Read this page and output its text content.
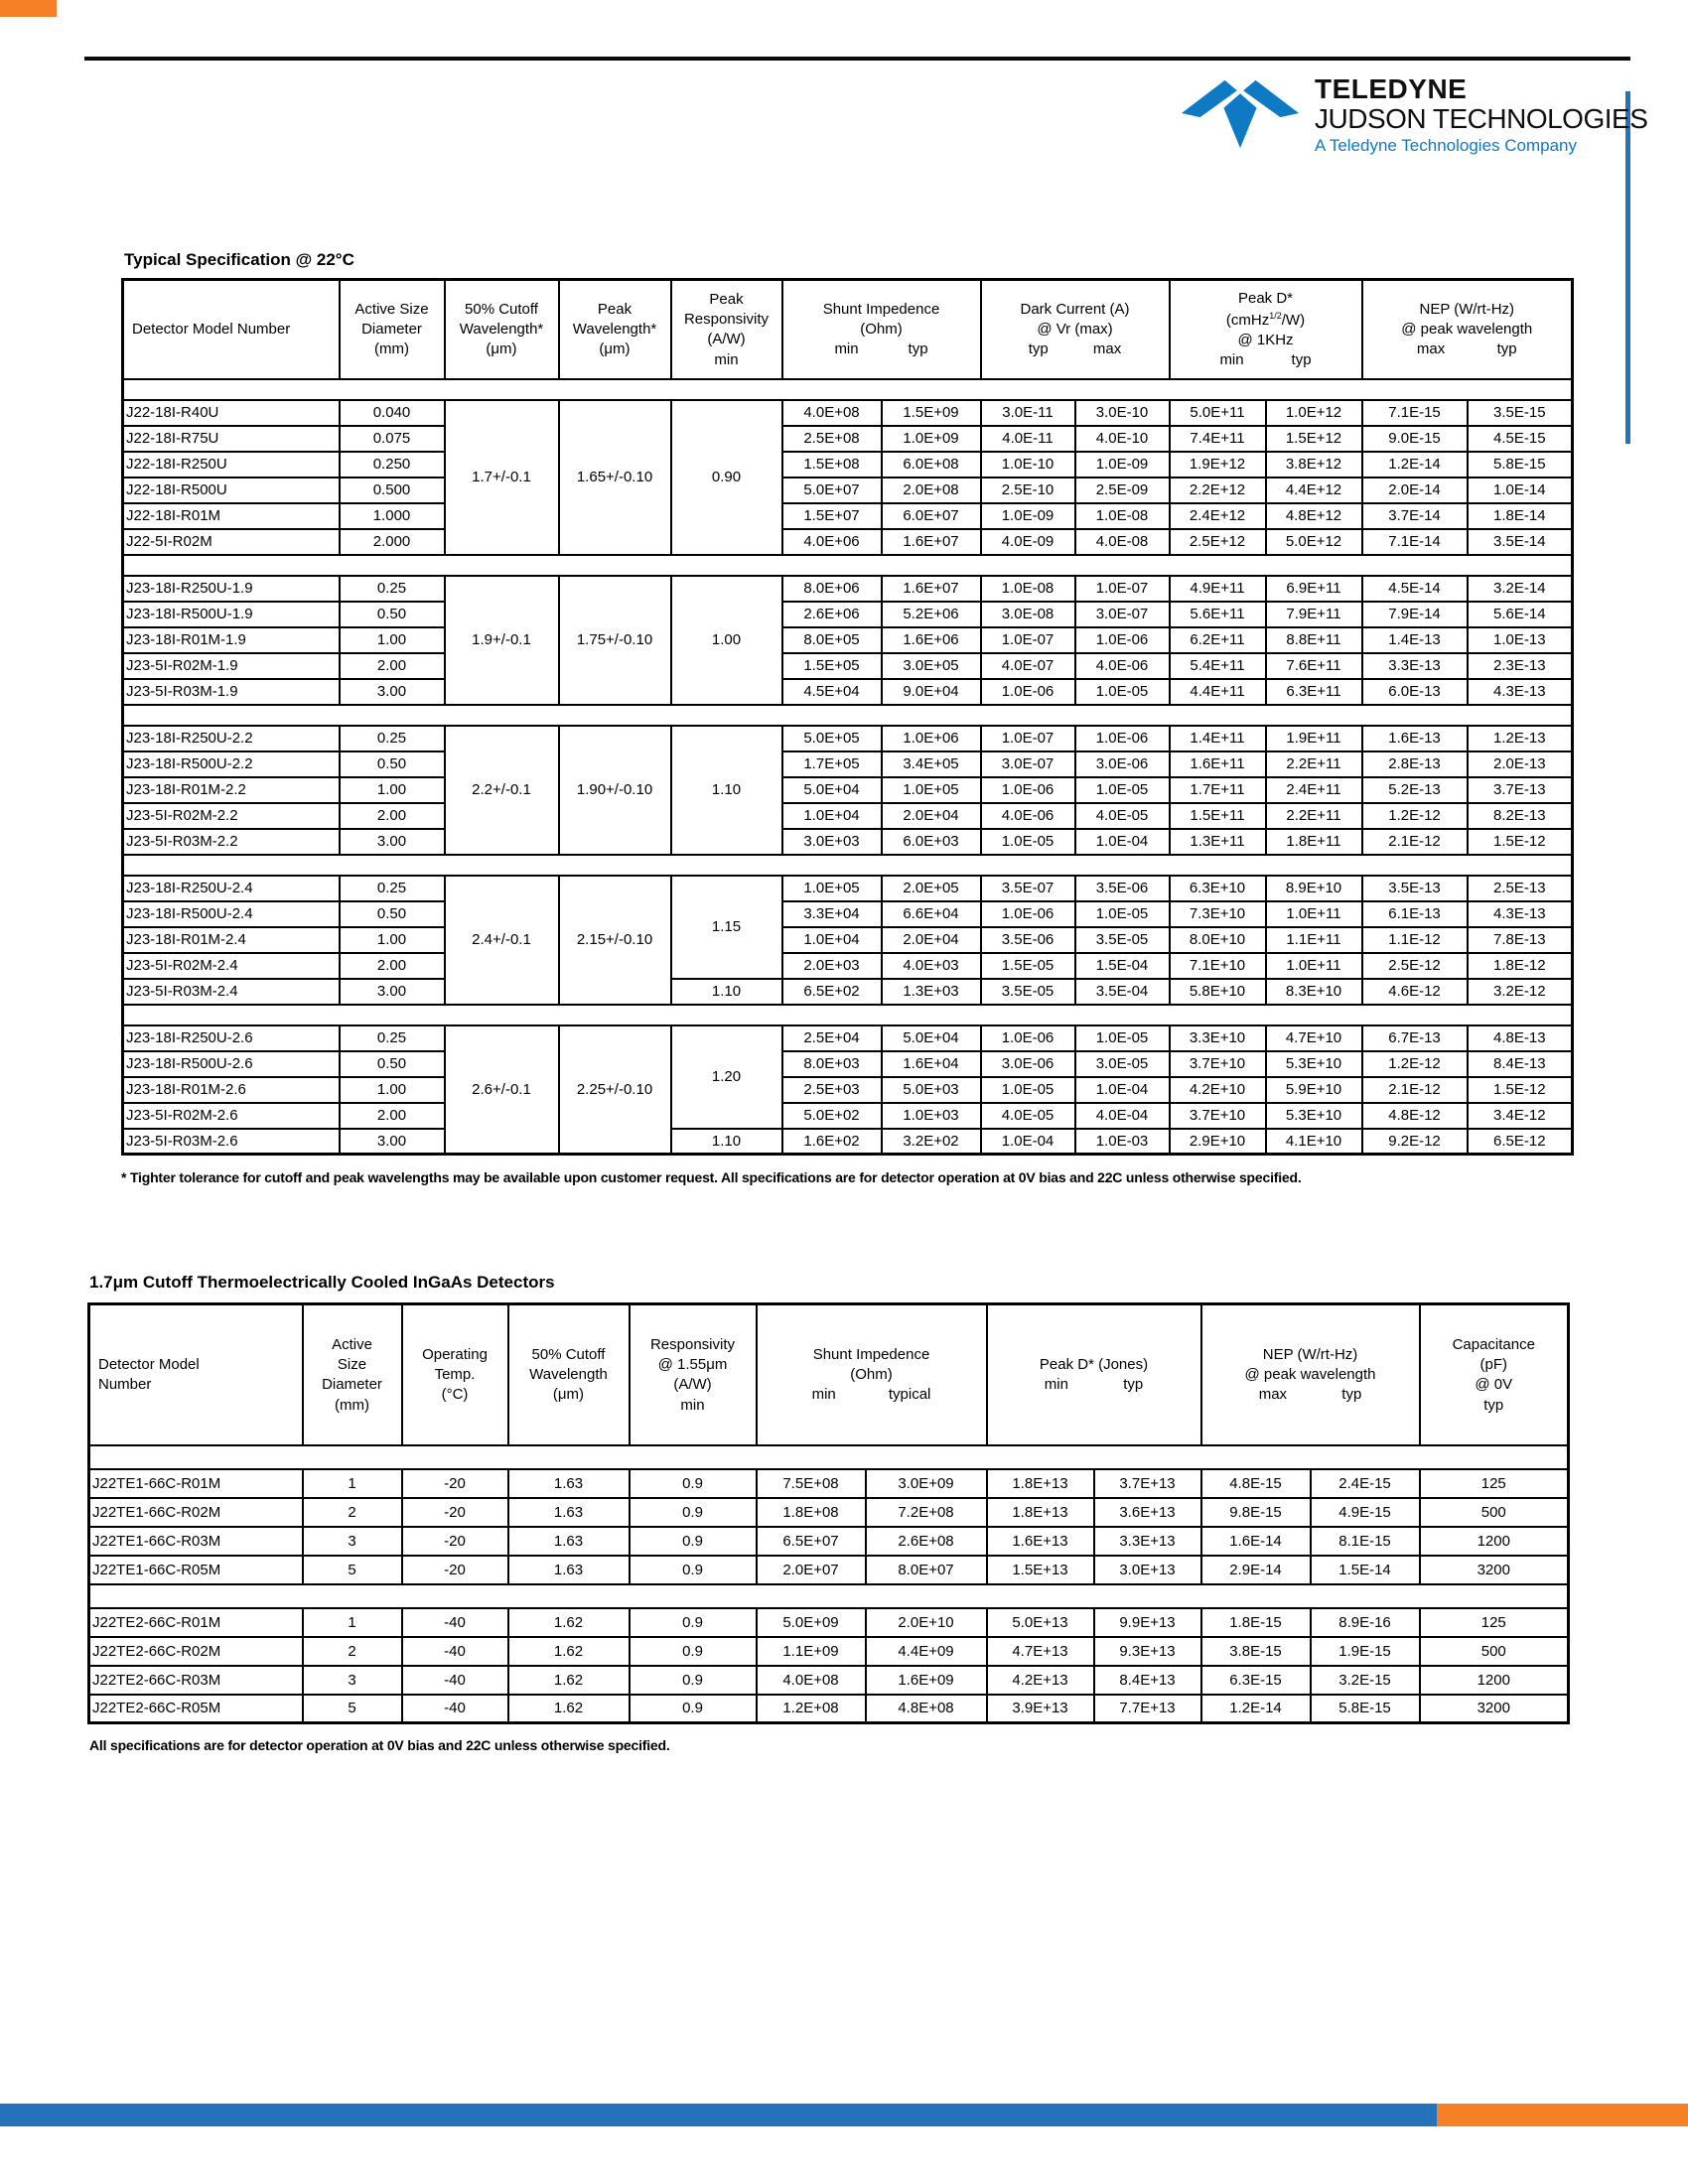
TELEDYNE
JUDSON TECHNOLOGIES
A Teledyne Technologies Company
Typical Specification @ 22°C
Detector Model Number	Active Size
Diameter
(mm)	50% Cutoff
Wavelength*
(μm)	Peak
Wavelength*
(μm)	Peak
Responsivity
(A/W)
min	Shunt Impedence
(Ohm)
min typ		Dark Current (A)
@ Vr (max)
typ max		Peak D*
(cmHz$^{1/2}$/W)
@ 1KHz
min typ		NEP (W/rt-Hz)
@ peak wavelength
max typ	

J22-18I-R40U	0.040	1.7+/-0.1	1.65+/-0.10	0.90	4.0E+08	1.5E+09	3.0E-11	3.0E-10	5.0E+11	1.0E+12	7.1E-15	3.5E-15
J22-18I-R75U	0.075				2.5E+08	1.0E+09	4.0E-11	4.0E-10	7.4E+11	1.5E+12	9.0E-15	4.5E-15
J22-18I-R250U	0.250				1.5E+08	6.0E+08	1.0E-10	1.0E-09	1.9E+12	3.8E+12	1.2E-14	5.8E-15
J22-18I-R500U	0.500				5.0E+07	2.0E+08	2.5E-10	2.5E-09	2.2E+12	4.4E+12	2.0E-14	1.0E-14
J22-18I-R01M	1.000				1.5E+07	6.0E+07	1.0E-09	1.0E-08	2.4E+12	4.8E+12	3.7E-14	1.8E-14
J22-5I-R02M	2.000				4.0E+06	1.6E+07	4.0E-09	4.0E-08	2.5E+12	5.0E+12	7.1E-14	3.5E-14

J23-18I-R250U-1.9	0.25	1.9+/-0.1	1.75+/-0.10	1.00	8.0E+06	1.6E+07	1.0E-08	1.0E-07	4.9E+11	6.9E+11	4.5E-14	3.2E-14
J23-18I-R500U-1.9	0.50				2.6E+06	5.2E+06	3.0E-08	3.0E-07	5.6E+11	7.9E+11	7.9E-14	5.6E-14
J23-18I-R01M-1.9	1.00				8.0E+05	1.6E+06	1.0E-07	1.0E-06	6.2E+11	8.8E+11	1.4E-13	1.0E-13
J23-5I-R02M-1.9	2.00				1.5E+05	3.0E+05	4.0E-07	4.0E-06	5.4E+11	7.6E+11	3.3E-13	2.3E-13
J23-5I-R03M-1.9	3.00				4.5E+04	9.0E+04	1.0E-06	1.0E-05	4.4E+11	6.3E+11	6.0E-13	4.3E-13

J23-18I-R250U-2.2	0.25	2.2+/-0.1	1.90+/-0.10	1.10	5.0E+05	1.0E+06	1.0E-07	1.0E-06	1.4E+11	1.9E+11	1.6E-13	1.2E-13
J23-18I-R500U-2.2	0.50				1.7E+05	3.4E+05	3.0E-07	3.0E-06	1.6E+11	2.2E+11	2.8E-13	2.0E-13
J23-18I-R01M-2.2	1.00				5.0E+04	1.0E+05	1.0E-06	1.0E-05	1.7E+11	2.4E+11	5.2E-13	3.7E-13
J23-5I-R02M-2.2	2.00				1.0E+04	2.0E+04	4.0E-06	4.0E-05	1.5E+11	2.2E+11	1.2E-12	8.2E-13
J23-5I-R03M-2.2	3.00				3.0E+03	6.0E+03	1.0E-05	1.0E-04	1.3E+11	1.8E+11	2.1E-12	1.5E-12

J23-18I-R250U-2.4	0.25	2.4+/-0.1	2.15+/-0.10	1.15	1.0E+05	2.0E+05	3.5E-07	3.5E-06	6.3E+10	8.9E+10	3.5E-13	2.5E-13
J23-18I-R500U-2.4	0.50				3.3E+04	6.6E+04	1.0E-06	1.0E-05	7.3E+10	1.0E+11	6.1E-13	4.3E-13
J23-18I-R01M-2.4	1.00				1.0E+04	2.0E+04	3.5E-06	3.5E-05	8.0E+10	1.1E+11	1.1E-12	7.8E-13
J23-5I-R02M-2.4	2.00				2.0E+03	4.0E+03	1.5E-05	1.5E-04	7.1E+10	1.0E+11	2.5E-12	1.8E-12
J23-5I-R03M-2.4	3.00			1.10	6.5E+02	1.3E+03	3.5E-05	3.5E-04	5.8E+10	8.3E+10	4.6E-12	3.2E-12

J23-18I-R250U-2.6	0.25	2.6+/-0.1	2.25+/-0.10	1.20	2.5E+04	5.0E+04	1.0E-06	1.0E-05	3.3E+10	4.7E+10	6.7E-13	4.8E-13
J23-18I-R500U-2.6	0.50				8.0E+03	1.6E+04	3.0E-06	3.0E-05	3.7E+10	5.3E+10	1.2E-12	8.4E-13
J23-18I-R01M-2.6	1.00				2.5E+03	5.0E+03	1.0E-05	1.0E-04	4.2E+10	5.9E+10	2.1E-12	1.5E-12
J23-5I-R02M-2.6	2.00				5.0E+02	1.0E+03	4.0E-05	4.0E-04	3.7E+10	5.3E+10	4.8E-12	3.4E-12
J23-5I-R03M-2.6	3.00			1.10	1.6E+02	3.2E+02	1.0E-04	1.0E-03	2.9E+10	4.1E+10	9.2E-12	6.5E-12
* Tighter tolerance for cutoff and peak wavelengths may be available upon customer request. All specifications are for detector operation at 0V bias and 22C unless otherwise specified.
1.7μm Cutoff Thermoelectrically Cooled InGaAs Detectors
Detector Model
Number	Active
Size
Diameter
(mm)	Operating
Temp.
(°C)	50% Cutoff
Wavelength
(μm)	Responsivity
@ 1.55μm
(A/W)
min	Shunt Impedence
(Ohm)
min typical		Peak D* (Jones)
min typ		NEP (W/rt-Hz)
@ peak wavelength
max typ		Capacitance
(pF)
@ 0V
typ

J22TE1-66C-R01M	1	-20	1.63	0.9	7.5E+08	3.0E+09	1.8E+13	3.7E+13	4.8E-15	2.4E-15	125
J22TE1-66C-R02M	2	-20	1.63	0.9	1.8E+08	7.2E+08	1.8E+13	3.6E+13	9.8E-15	4.9E-15	500
J22TE1-66C-R03M	3	-20	1.63	0.9	6.5E+07	2.6E+08	1.6E+13	3.3E+13	1.6E-14	8.1E-15	1200
J22TE1-66C-R05M	5	-20	1.63	0.9	2.0E+07	8.0E+07	1.5E+13	3.0E+13	2.9E-14	1.5E-14	3200

J22TE2-66C-R01M	1	-40	1.62	0.9	5.0E+09	2.0E+10	5.0E+13	9.9E+13	1.8E-15	8.9E-16	125
J22TE2-66C-R02M	2	-40	1.62	0.9	1.1E+09	4.4E+09	4.7E+13	9.3E+13	3.8E-15	1.9E-15	500
J22TE2-66C-R03M	3	-40	1.62	0.9	4.0E+08	1.6E+09	4.2E+13	8.4E+13	6.3E-15	3.2E-15	1200
J22TE2-66C-R05M	5	-40	1.62	0.9	1.2E+08	4.8E+08	3.9E+13	7.7E+13	1.2E-14	5.8E-15	3200
All specifications are for detector operation at 0V bias and 22C unless otherwise specified.
